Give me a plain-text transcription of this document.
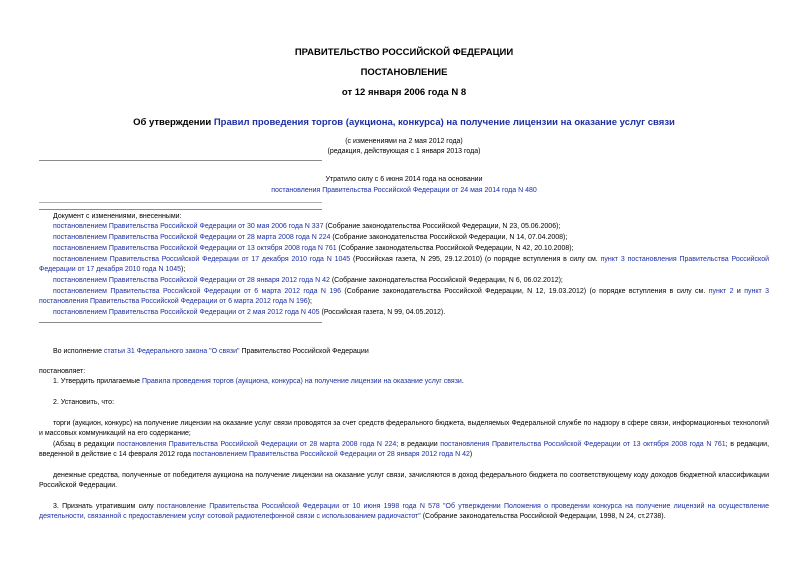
ПРАВИТЕЛЬСТВО РОССИЙСКОЙ ФЕДЕРАЦИИ
ПОСТАНОВЛЕНИЕ
от 12 января 2006 года N 8
Об утверждении Правил проведения торгов (аукциона, конкурса) на получение лицензии на оказание услуг связи
(с изменениями на 2 мая 2012 года)
(редакция, действующая с 1 января 2013 года)
Утратило силу с 6 июня 2014 года на основании
постановления Правительства Российской Федерации от 24 мая 2014 года N 480
Документ с изменениями, внесенными:
постановлением Правительства Российской Федерации от 30 мая 2006 года N 337 (Собрание законодательства Российской Федерации, N 23, 05.06.2006);
постановлением Правительства Российской Федерации от 28 марта 2008 года N 224 (Собрание законодательства Российской Федерации, N 14, 07.04.2008);
постановлением Правительства Российской Федерации от 13 октября 2008 года N 761 (Собрание законодательства Российской Федерации, N 42, 20.10.2008);
постановлением Правительства Российской Федерации от 17 декабря 2010 года N 1045 (Российская газета, N 295, 29.12.2010) (о порядке вступления в силу см. пункт 3 постановления Правительства Российской Федерации от 17 декабря 2010 года N 1045);
постановлением Правительства Российской Федерации от 28 января 2012 года N 42 (Собрание законодательства Российской Федерации, N 6, 06.02.2012);
постановлением Правительства Российской Федерации от 6 марта 2012 года N 196 (Собрание законодательства Российской Федерации, N 12, 19.03.2012) (о порядке вступления в силу см. пункт 2 и пункт 3 постановления Правительства Российской Федерации от 6 марта 2012 года N 196);
постановлением Правительства Российской Федерации от 2 мая 2012 года N 405 (Российская газета, N 99, 04.05.2012).
Во исполнение статьи 31 Федерального закона "О связи" Правительство Российской Федерации
постановляет:
1. Утвердить прилагаемые Правила проведения торгов (аукциона, конкурса) на получение лицензии на оказание услуг связи.
2. Установить, что:
торги (аукцион, конкурс) на получение лицензии на оказание услуг связи проводятся за счет средств федерального бюджета, выделяемых Федеральной службе по надзору в сфере связи, информационных технологий и массовых коммуникаций на его содержание;
(Абзац в редакции постановления Правительства Российской Федерации от 28 марта 2008 года N 224; в редакции постановления Правительства Российской Федерации от 13 октября 2008 года N 761; в редакции, введенной в действие с 14 февраля 2012 года постановлением Правительства Российской Федерации от 28 января 2012 года N 42)
денежные средства, полученные от победителя аукциона на получение лицензии на оказание услуг связи, зачисляются в доход федерального бюджета по соответствующему коду доходов бюджетной классификации Российской Федерации.
3. Признать утратившим силу постановление Правительства Российской Федерации от 10 июня 1998 года N 578 "Об утверждении Положения о проведении конкурса на получение лицензий на осуществление деятельности, связанной с предоставлением услуг сотовой радиотелефонной связи с использованием радиочастот" (Собрание законодательства Российской Федерации, 1998, N 24, ст.2738).
